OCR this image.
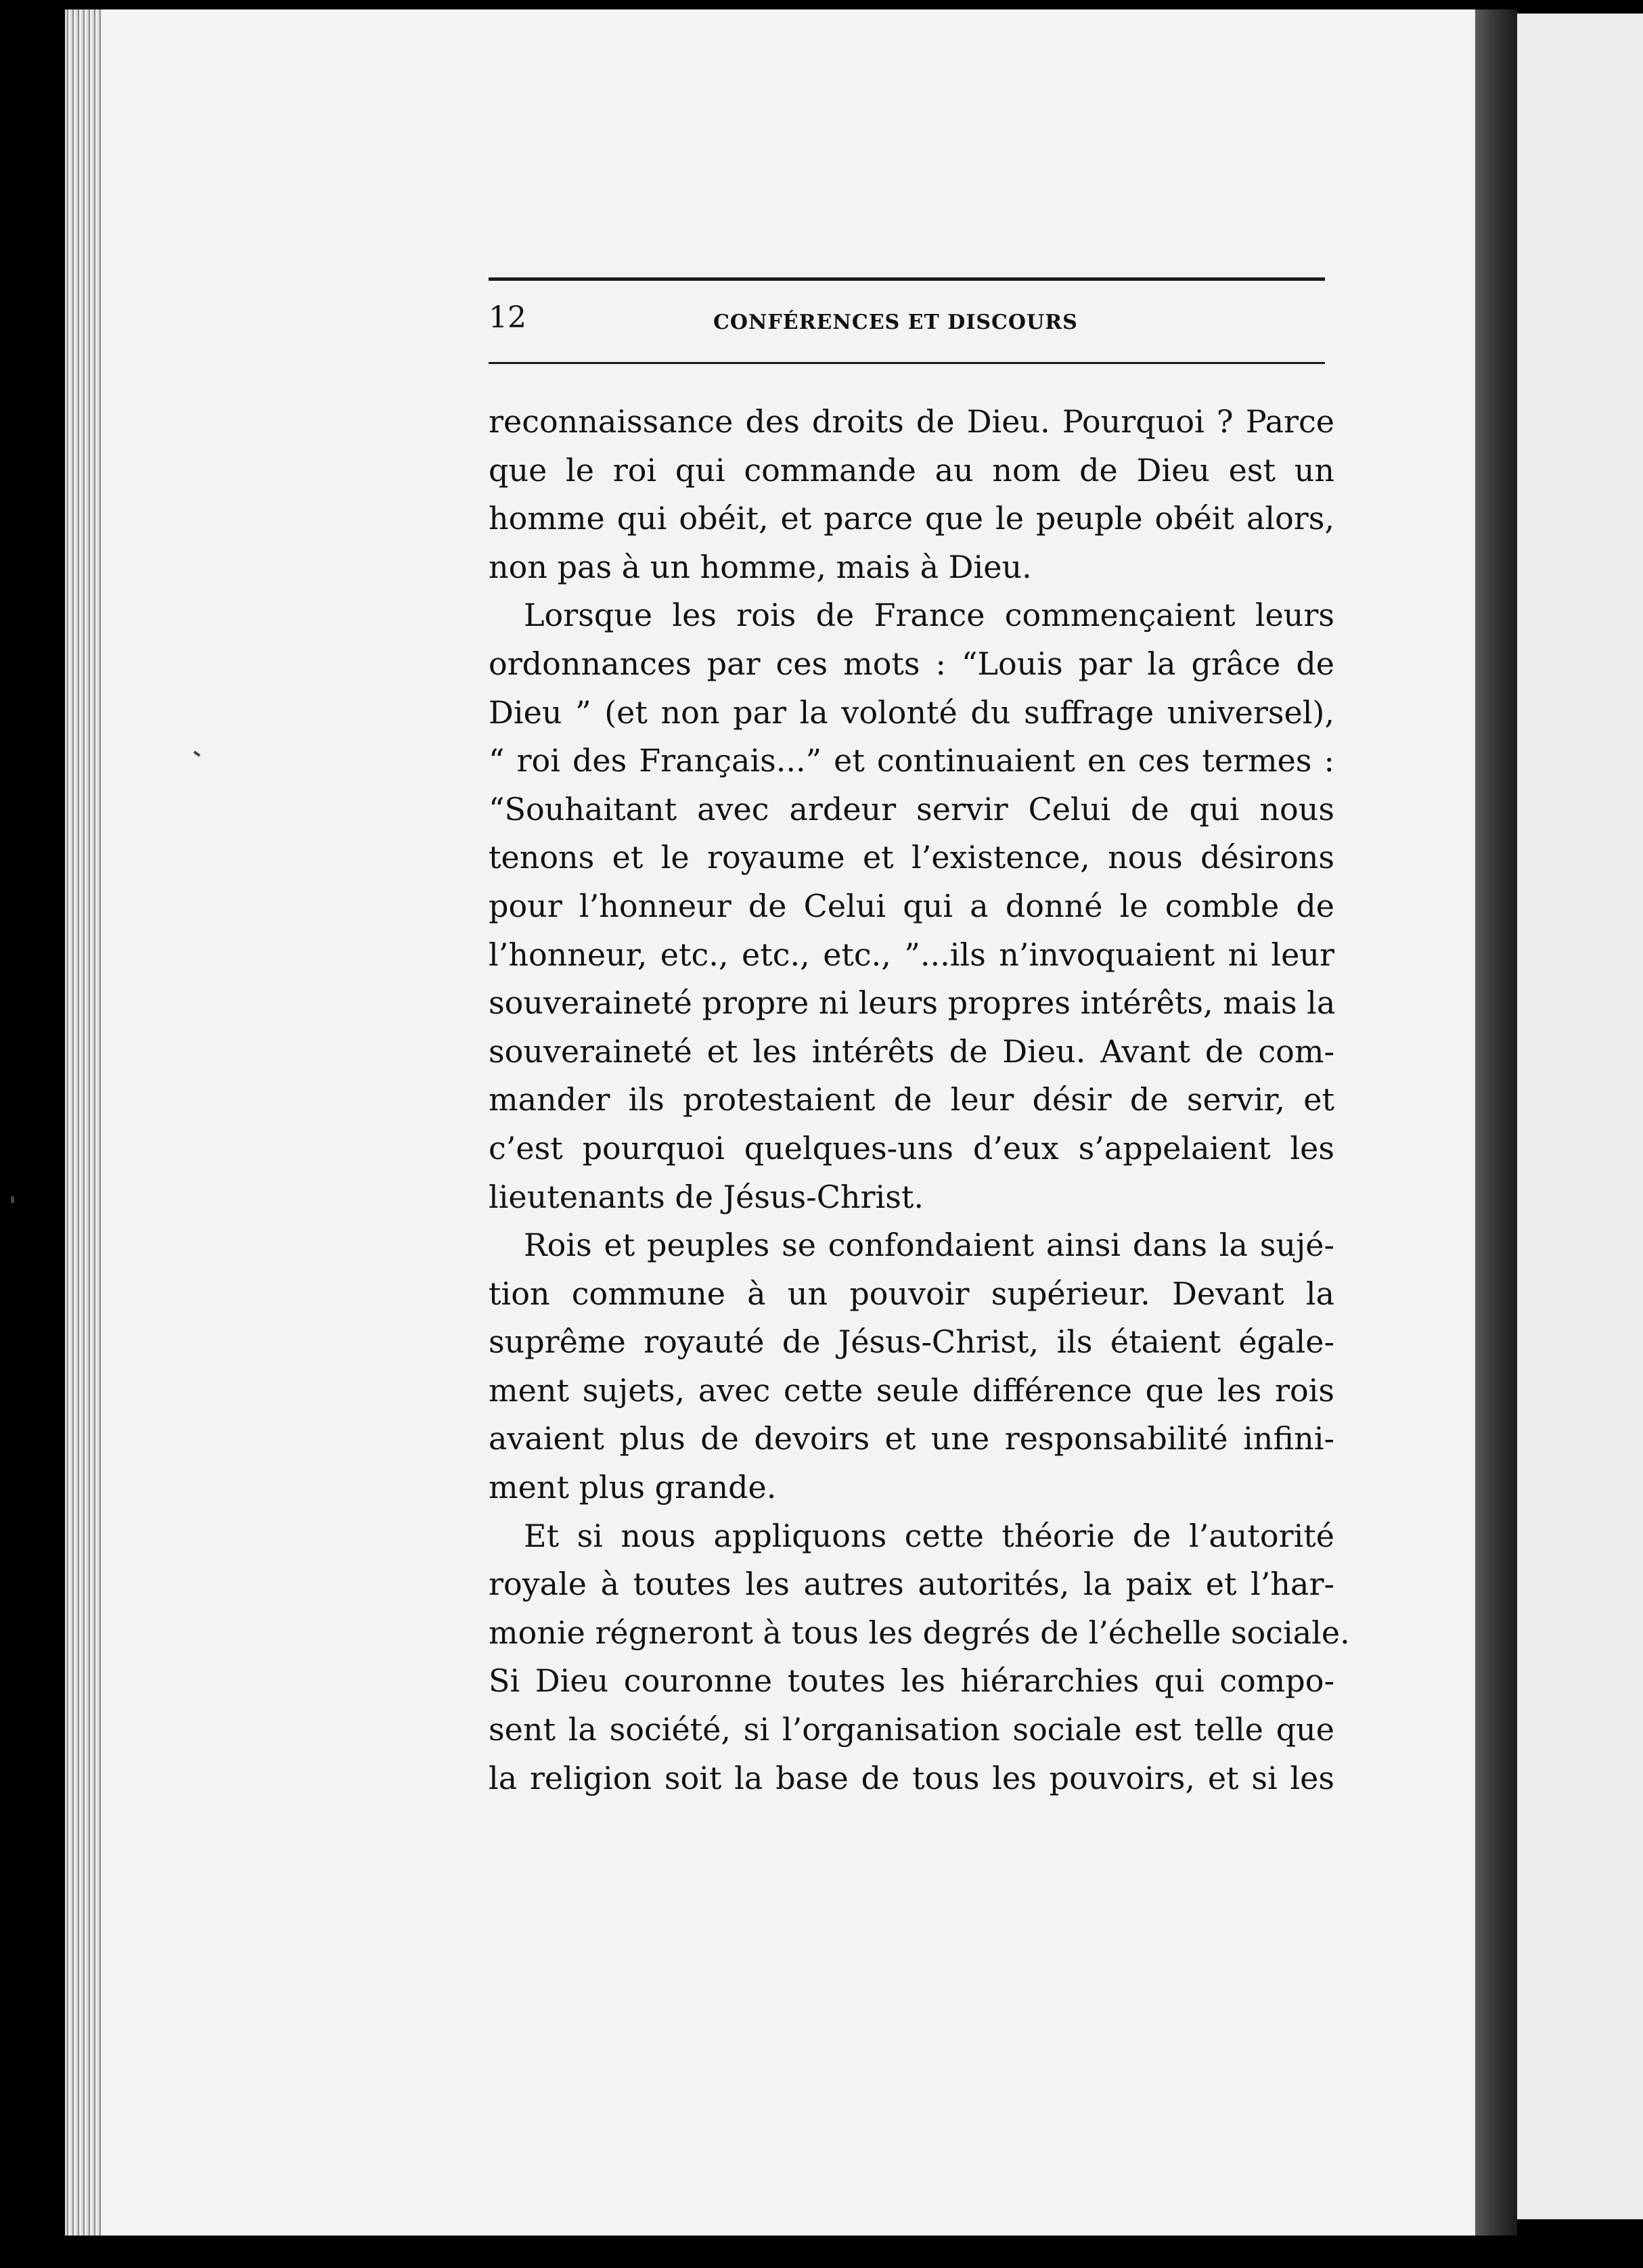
12	CONFÉRENCES ET DISCOURS
reconnaissance des droits de Dieu. Pourquoi ? Parce
que le roi qui commande au nom de Dieu est un
homme qui obéit, et parce que le peuple obéit alors,
non pas à un homme, mais à Dieu.
Lorsque les rois de France commençaient leurs
ordonnances par ces mots : “Louis par la grâce de
Dieu ” (et non par la volonté du suffrage universel),
“ roi des Français...” et continuaient en ces termes :
“Souhaitant avec ardeur servir Celui de qui nous
tenons et le royaume et l’existence, nous désirons
pour l’honneur de Celui qui a donné le comble de
l’honneur, etc., etc., etc., ”...ils n’invoquaient ni leur
souveraineté propre ni leurs propres intérêts, mais la
souveraineté et les intérêts de Dieu. Avant de com-
mander ils protestaient de leur désir de servir, et
c’est pourquoi quelques-uns d’eux s’appelaient les
lieutenants de Jésus-Christ.
Rois et peuples se confondaient ainsi dans la sujé-
tion commune à un pouvoir supérieur. Devant la
suprême royauté de Jésus-Christ, ils étaient égale-
ment sujets, avec cette seule différence que les rois
avaient plus de devoirs et une responsabilité infini-
ment plus grande.
Et si nous appliquons cette théorie de l’autorité
royale à toutes les autres autorités, la paix et l’har-
monie régneront à tous les degrés de l’échelle sociale.
Si Dieu couronne toutes les hiérarchies qui compo-
sent la société, si l’organisation sociale est telle que
la religion soit la base de tous les pouvoirs, et si les
